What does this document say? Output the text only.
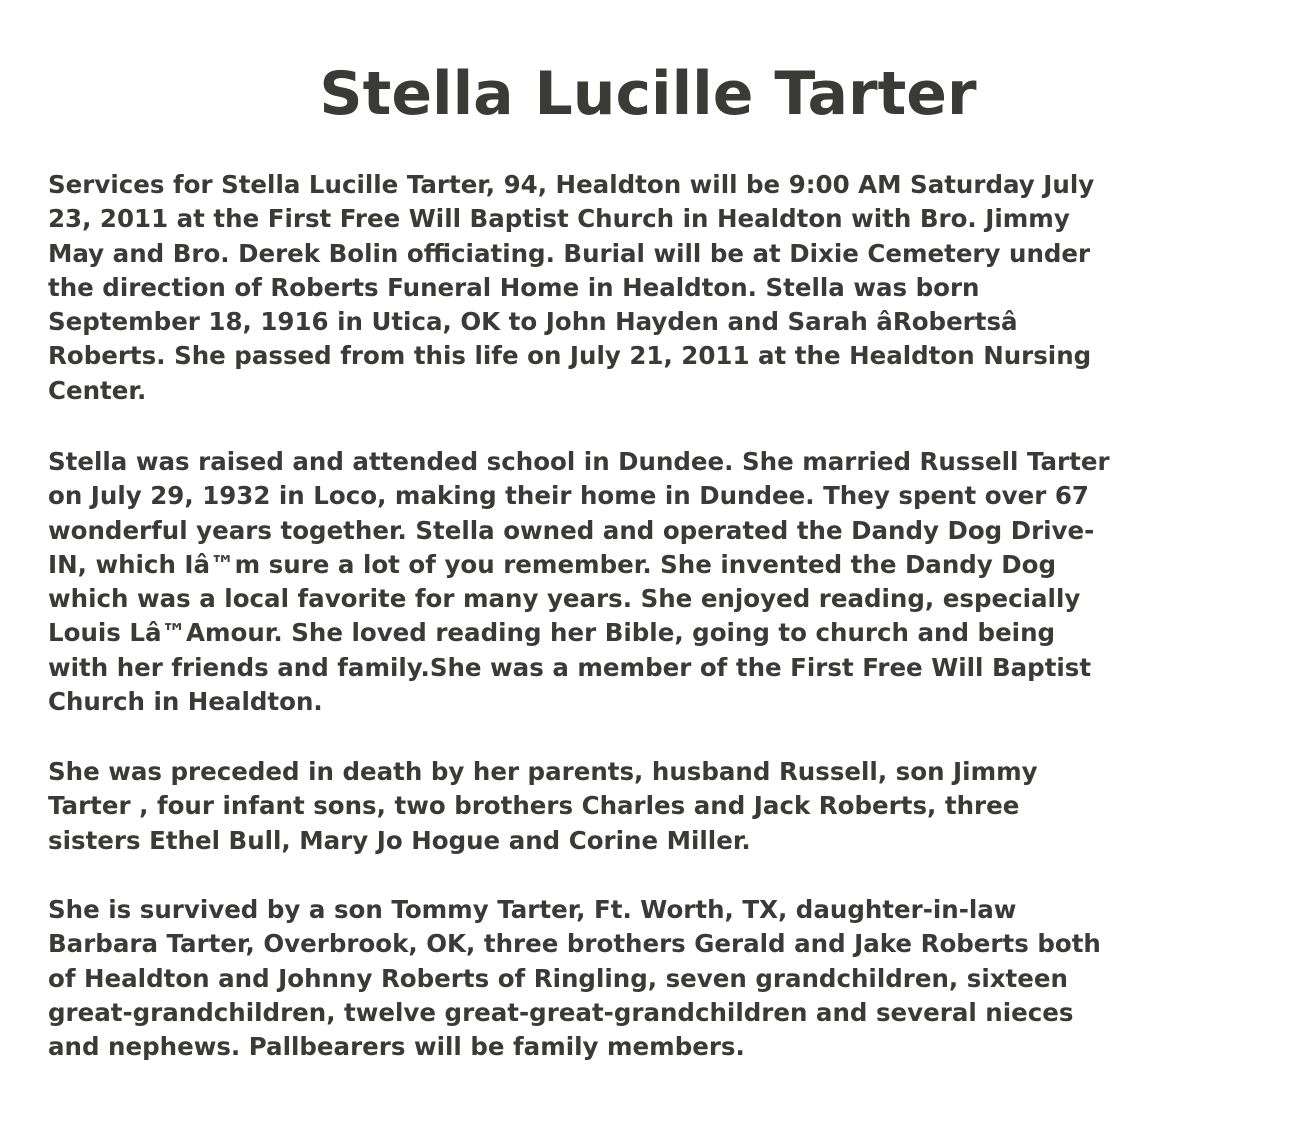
Stella Lucille Tarter
Services for Stella Lucille Tarter, 94, Healdton will be 9:00 AM Saturday July
23, 2011 at the First Free Will Baptist Church in Healdton with Bro. Jimmy
May and Bro. Derek Bolin officiating. Burial will be at Dixie Cemetery under
the direction of Roberts Funeral Home in Healdton. Stella was born
September 18, 1916 in Utica, OK to John Hayden and Sarah âRobertsâ
Roberts. She passed from this life on July 21, 2011 at the Healdton Nursing
Center.
Stella was raised and attended school in Dundee. She married Russell Tarter
on July 29, 1932 in Loco, making their home in Dundee. They spent over 67
wonderful years together. Stella owned and operated the Dandy Dog Drive-
IN, which Iâ™m sure a lot of you remember. She invented the Dandy Dog
which was a local favorite for many years. She enjoyed reading, especially
Louis Lâ™Amour. She loved reading her Bible, going to church and being
with her friends and family.She was a member of the First Free Will Baptist
Church in Healdton.
She was preceded in death by her parents, husband Russell, son Jimmy
Tarter , four infant sons, two brothers Charles and Jack Roberts, three
sisters Ethel Bull, Mary Jo Hogue and Corine Miller.
She is survived by a son Tommy Tarter, Ft. Worth, TX, daughter-in-law
Barbara Tarter, Overbrook, OK, three brothers Gerald and Jake Roberts both
of Healdton and Johnny Roberts of Ringling, seven grandchildren, sixteen
great-grandchildren, twelve great-great-grandchildren and several nieces
and nephews. Pallbearers will be family members.
